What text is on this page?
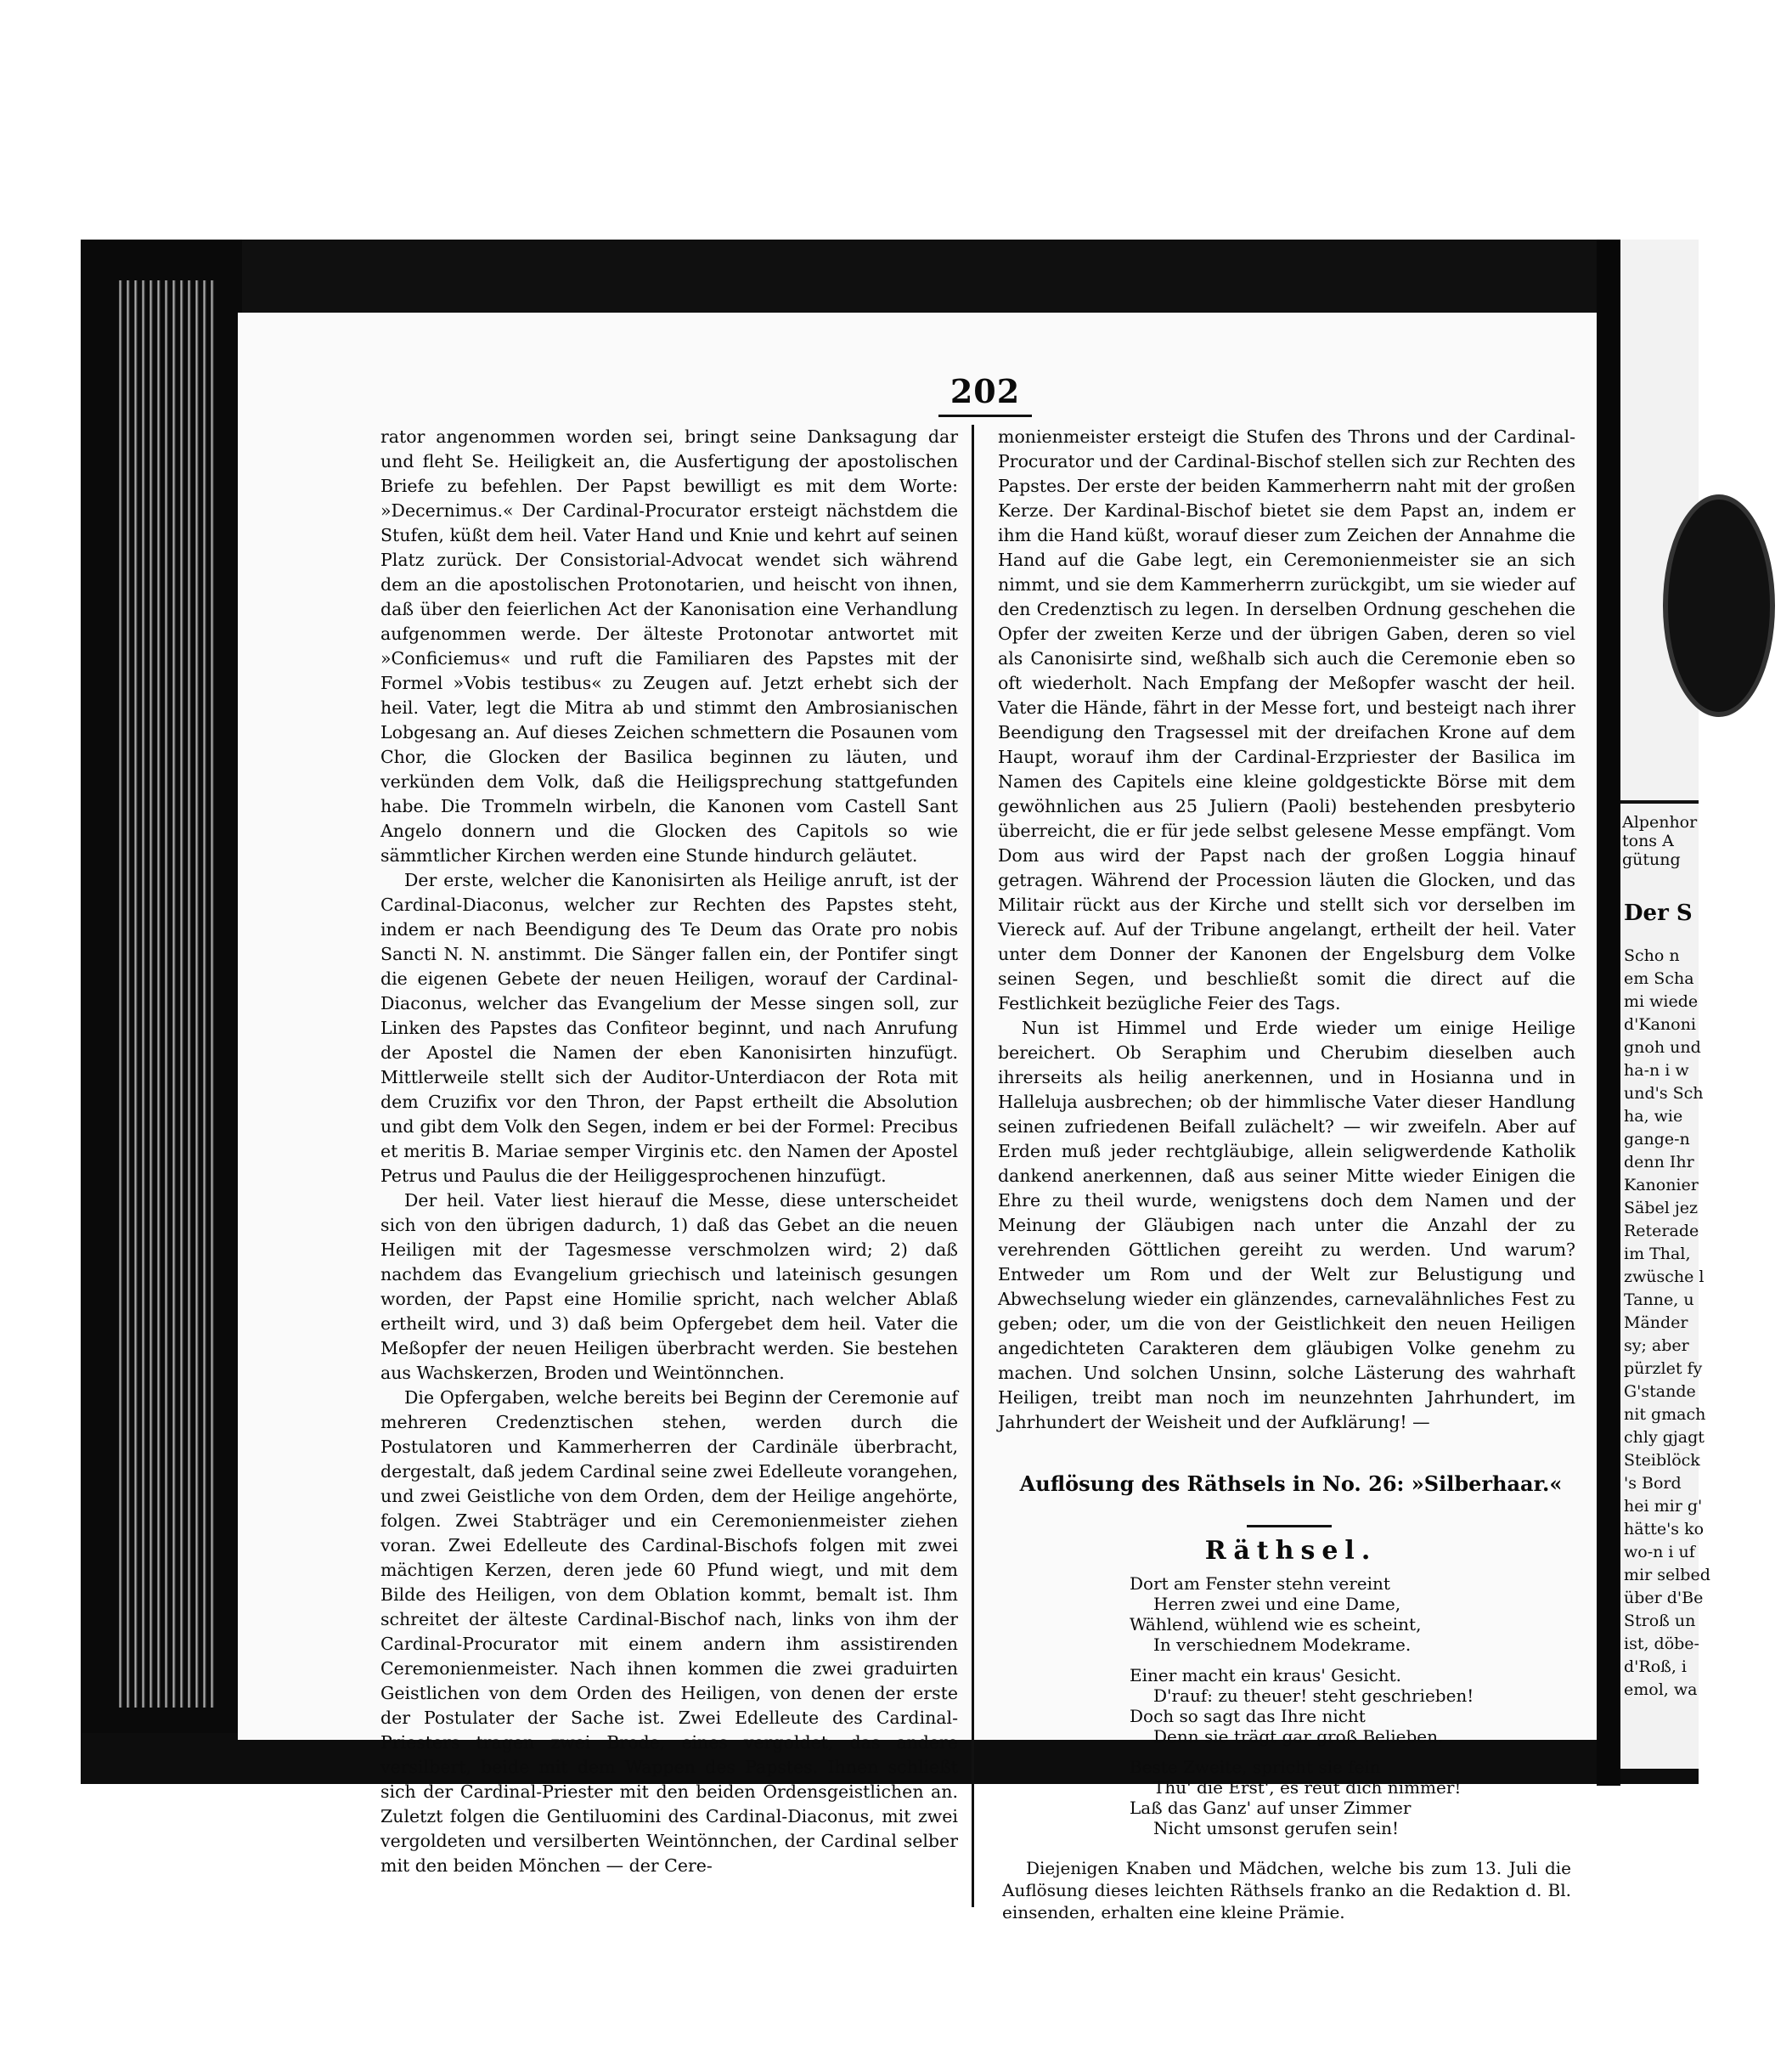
202

rator angenommen worden sei, bringt seine Danksagung dar und fleht Se. Heiligkeit an, die Ausfertigung der apostolischen Briefe zu befehlen. Der Papst bewilligt es mit dem Worte: »Decernimus.« Der Cardinal-Procurator ersteigt nächstdem die Stufen, küßt dem heil. Vater Hand und Knie und kehrt auf seinen Platz zurück. Der Consistorial-Advocat wendet sich während dem an die apostolischen Protonotarien, und heischt von ihnen, daß über den feierlichen Act der Kanonisation eine Verhandlung aufgenommen werde. Der älteste Protonotar antwortet mit »Conficiemus« und ruft die Familiaren des Papstes mit der Formel »Vobis testibus« zu Zeugen auf. Jetzt erhebt sich der heil. Vater, legt die Mitra ab und stimmt den Ambrosianischen Lobgesang an. Auf dieses Zeichen schmettern die Posaunen vom Chor, die Glocken der Basilica beginnen zu läuten, und verkünden dem Volk, daß die Heiligsprechung stattgefunden habe. Die Trommeln wirbeln, die Kanonen vom Castell Sant Angelo donnern und die Glocken des Capitols so wie sämmtlicher Kirchen werden eine Stunde hindurch geläutet.

Der erste, welcher die Kanonisirten als Heilige anruft, ist der Cardinal-Diaconus, welcher zur Rechten des Papstes steht, indem er nach Beendigung des Te Deum das Orate pro nobis Sancti N. N. anstimmt. Die Sänger fallen ein, der Pontifer singt die eigenen Gebete der neuen Heiligen, worauf der Cardinal-Diaconus, welcher das Evangelium der Messe singen soll, zur Linken des Papstes das Confiteor beginnt, und nach Anrufung der Apostel die Namen der eben Kanonisirten hinzufügt. Mittlerweile stellt sich der Auditor-Unterdiacon der Rota mit dem Cruzifix vor den Thron, der Papst ertheilt die Absolution und gibt dem Volk den Segen, indem er bei der Formel: Precibus et meritis B. Mariae semper Virginis etc. den Namen der Apostel Petrus und Paulus die der Heiliggesprochenen hinzufügt.

Der heil. Vater liest hierauf die Messe, diese unterscheidet sich von den übrigen dadurch, 1) daß das Gebet an die neuen Heiligen mit der Tagesmesse verschmolzen wird; 2) daß nachdem das Evangelium griechisch und lateinisch gesungen worden, der Papst eine Homilie spricht, nach welcher Ablaß ertheilt wird, und 3) daß beim Opfergebet dem heil. Vater die Meßopfer der neuen Heiligen überbracht werden. Sie bestehen aus Wachskerzen, Broden und Weintönnchen.

Die Opfergaben, welche bereits bei Beginn der Ceremonie auf mehreren Credenztischen stehen, werden durch die Postulatoren und Kammerherren der Cardinäle überbracht, dergestalt, daß jedem Cardinal seine zwei Edelleute vorangehen, und zwei Geistliche von dem Orden, dem der Heilige angehörte, folgen. Zwei Stabträger und ein Ceremonienmeister ziehen voran. Zwei Edelleute des Cardinal-Bischofs folgen mit zwei mächtigen Kerzen, deren jede 60 Pfund wiegt, und mit dem Bilde des Heiligen, von dem Oblation kommt, bemalt ist. Ihm schreitet der älteste Cardinal-Bischof nach, links von ihm der Cardinal-Procurator mit einem andern ihm assistirenden Ceremonienmeister. Nach ihnen kommen die zwei graduirten Geistlichen von dem Orden des Heiligen, von denen der erste der Postulater der Sache ist. Zwei Edelleute des Cardinal-Priesters tragen zwei Brode, eines vergoldet, das andere versilbert, beide mit dem Wappen des Papstes. Ihnen schließt sich der Cardinal-Priester mit den beiden Ordensgeistlichen an. Zuletzt folgen die Gentiluomini des Cardinal-Diaconus, mit zwei vergoldeten und versilberten Weintönnchen, der Cardinal selber mit den beiden Mönchen — der Cere-

monienmeister ersteigt die Stufen des Throns und der Cardinal-Procurator und der Cardinal-Bischof stellen sich zur Rechten des Papstes. Der erste der beiden Kammerherrn naht mit der großen Kerze. Der Kardinal-Bischof bietet sie dem Papst an, indem er ihm die Hand küßt, worauf dieser zum Zeichen der Annahme die Hand auf die Gabe legt, ein Ceremonienmeister sie an sich nimmt, und sie dem Kammerherrn zurückgibt, um sie wieder auf den Credenztisch zu legen. In derselben Ordnung geschehen die Opfer der zweiten Kerze und der übrigen Gaben, deren so viel als Canonisirte sind, weßhalb sich auch die Ceremonie eben so oft wiederholt. Nach Empfang der Meßopfer wascht der heil. Vater die Hände, fährt in der Messe fort, und besteigt nach ihrer Beendigung den Tragsessel mit der dreifachen Krone auf dem Haupt, worauf ihm der Cardinal-Erzpriester der Basilica im Namen des Capitels eine kleine goldgestickte Börse mit dem gewöhnlichen aus 25 Juliern (Paoli) bestehenden presbyterio überreicht, die er für jede selbst gelesene Messe empfängt. Vom Dom aus wird der Papst nach der großen Loggia hinauf getragen. Während der Procession läuten die Glocken, und das Militair rückt aus der Kirche und stellt sich vor derselben im Viereck auf. Auf der Tribune angelangt, ertheilt der heil. Vater unter dem Donner der Kanonen der Engelsburg dem Volke seinen Segen, und beschließt somit die direct auf die Festlichkeit bezügliche Feier des Tags.

Nun ist Himmel und Erde wieder um einige Heilige bereichert. Ob Seraphim und Cherubim dieselben auch ihrerseits als heilig anerkennen, und in Hosianna und in Halleluja ausbrechen; ob der himmlische Vater dieser Handlung seinen zufriedenen Beifall zulächelt? — wir zweifeln. Aber auf Erden muß jeder rechtgläubige, allein seligwerdende Katholik dankend anerkennen, daß aus seiner Mitte wieder Einigen die Ehre zu theil wurde, wenigstens doch dem Namen und der Meinung der Gläubigen nach unter die Anzahl der zu verehrenden Göttlichen gereiht zu werden. Und warum? Entweder um Rom und der Welt zur Belustigung und Abwechselung wieder ein glänzendes, carnevalähnliches Fest zu geben; oder, um die von der Geistlichkeit den neuen Heiligen angedichteten Carakteren dem gläubigen Volke genehm zu machen. Und solchen Unsinn, solche Lästerung des wahrhaft Heiligen, treibt man noch im neunzehnten Jahrhundert, im Jahrhundert der Weisheit und der Aufklärung! —

Auflösung des Räthsels in No. 26: »Silberhaar.«
Räthsel.
Dort am Fenster stehn vereint
Herren zwei und eine Dame,
Wählend, wühlend wie es scheint,
In verschiednem Modekrame.
Einer macht ein kraus' Gesicht.
D'rauf: zu theuer! steht geschrieben!
Doch so sagt das Ihre nicht
Denn sie trägt gar groß Belieben.
Beste Zweite, spricht sie fein
Thu' die Erst', es reut dich nimmer!
Laß das Ganz' auf unser Zimmer
Nicht umsonst gerufen sein!
Diejenigen Knaben und Mädchen, welche bis zum 13. Juli die Auflösung dieses leichten Räthsels franko an die Redaktion d. Bl. einsenden, erhalten eine kleine Prämie.
Alpenhor
tons A
gütung
Der S
Scho n
em Scha
mi wiede
d'Kanoni
gnoh und
ha-n i w
und's Sch
ha, wie
gange-n
denn Ihr
Kanonier
Säbel jez
Reterade
im Thal,
zwüsche l
Tanne, u
Mänder
sy; aber
pürzlet fy
G'stande
nit gmach
chly gjagt
Steiblöck
's Bord
hei mir g'
hätte's ko
wo-n i uf
mir selbed
über d'Be
Stroß un
ist, döbe-
d'Roß, i
emol, wa
